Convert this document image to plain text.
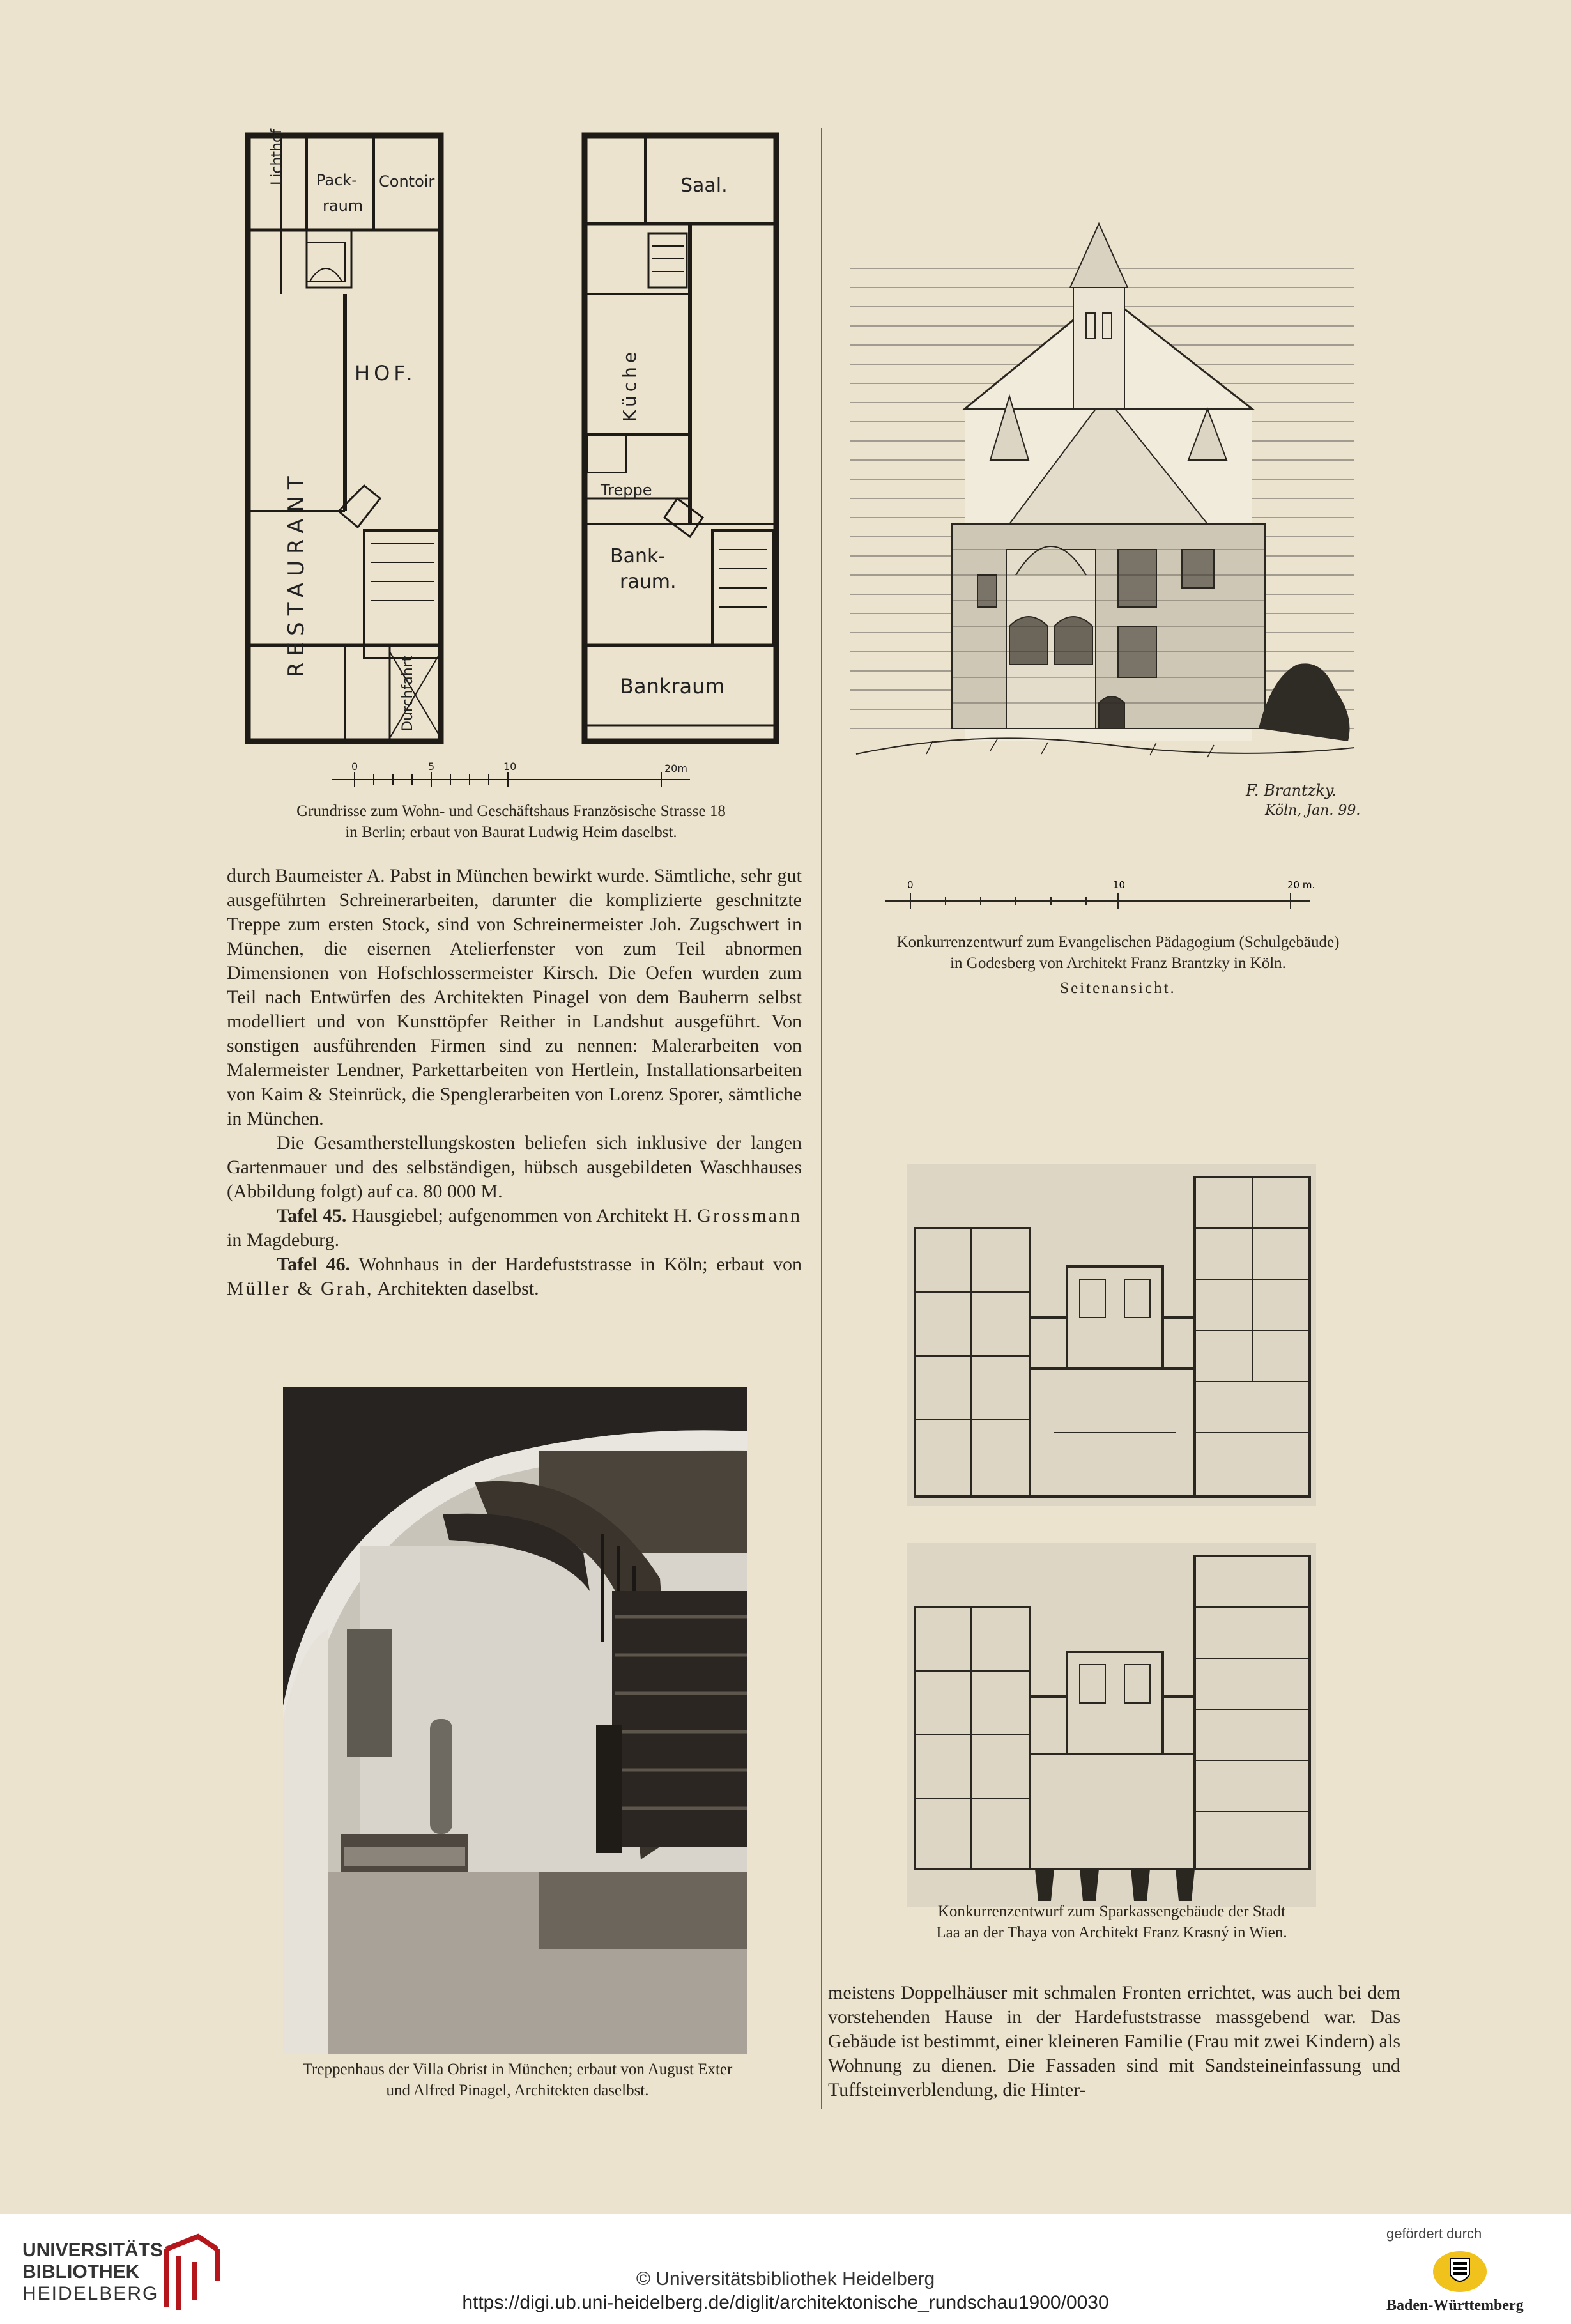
Lichthof Pack-
raum
Contoir
HOF.
RESTAURANT
Durchfahrt
Saal.
Küche
Treppe
Bank-
raum.
Bankraum
0	5	10	20m
Grundrisse zum Wohn- und Geschäftshaus Französische Strasse 18
in Berlin; erbaut von Baurat Ludwig Heim daselbst.

durch Baumeister A. Pabst in München bewirkt wurde. Sämtliche, sehr gut ausgeführten Schreinerarbeiten, darunter die komplizierte geschnitzte Treppe zum ersten Stock, sind von Schreinermeister Joh. Zugschwert in München, die eisernen Atelierfenster von zum Teil abnormen Dimensionen von Hofschlossermeister Kirsch. Die Oefen wurden zum Teil nach Entwürfen des Architekten Pinagel von dem Bauherrn selbst modelliert und von Kunsttöpfer Reither in Landshut ausgeführt. Von sonstigen ausführenden Firmen sind zu nennen: Malerarbeiten von Malermeister Lendner, Parkettarbeiten von Hertlein, Installationsarbeiten von Kaim & Steinrück, die Spenglerarbeiten von Lorenz Sporer, sämtliche in München.

Die Gesamtherstellungskosten beliefen sich inklusive der langen Gartenmauer und des selbständigen, hübsch ausgebildeten Waschhauses (Abbildung folgt) auf ca. 80 000 M.

Tafel 45. Hausgiebel; aufgenommen von Architekt H. Grossmann in Magdeburg.

Tafel 46. Wohnhaus in der Hardefuststrasse in Köln; erbaut von Müller & Grah, Architekten daselbst.

Treppenhaus der Villa Obrist in München; erbaut von August Exter
und Alfred Pinagel, Architekten daselbst.
F. Brantzky.
Köln, Jan. 99.
0	10	20 m.
Konkurrenzentwurf zum Evangelischen Pädagogium (Schulgebäude)
in Godesberg von Architekt Franz Brantzky in Köln.
Seitenansicht.
Konkurrenzentwurf zum Sparkassengebäude der Stadt
Laa an der Thaya von Architekt Franz Krasný in Wien.

meistens Doppelhäuser mit schmalen Fronten errichtet, was auch bei dem vorstehenden Hause in der Hardefuststrasse massgebend war. Das Gebäude ist bestimmt, einer kleineren Familie (Frau mit zwei Kindern) als Wohnung zu dienen. Die Fassaden sind mit Sandsteineinfassung und Tuffsteinverblendung, die Hinter-

UNIVERSITÄTS-
BIBLIOTHEK
HEIDELBERG
© Universitätsbibliothek Heidelberg
https://digi.ub.uni-heidelberg.de/diglit/architektonische_rundschau1900/0030
gefördert durch
Baden-Württemberg
